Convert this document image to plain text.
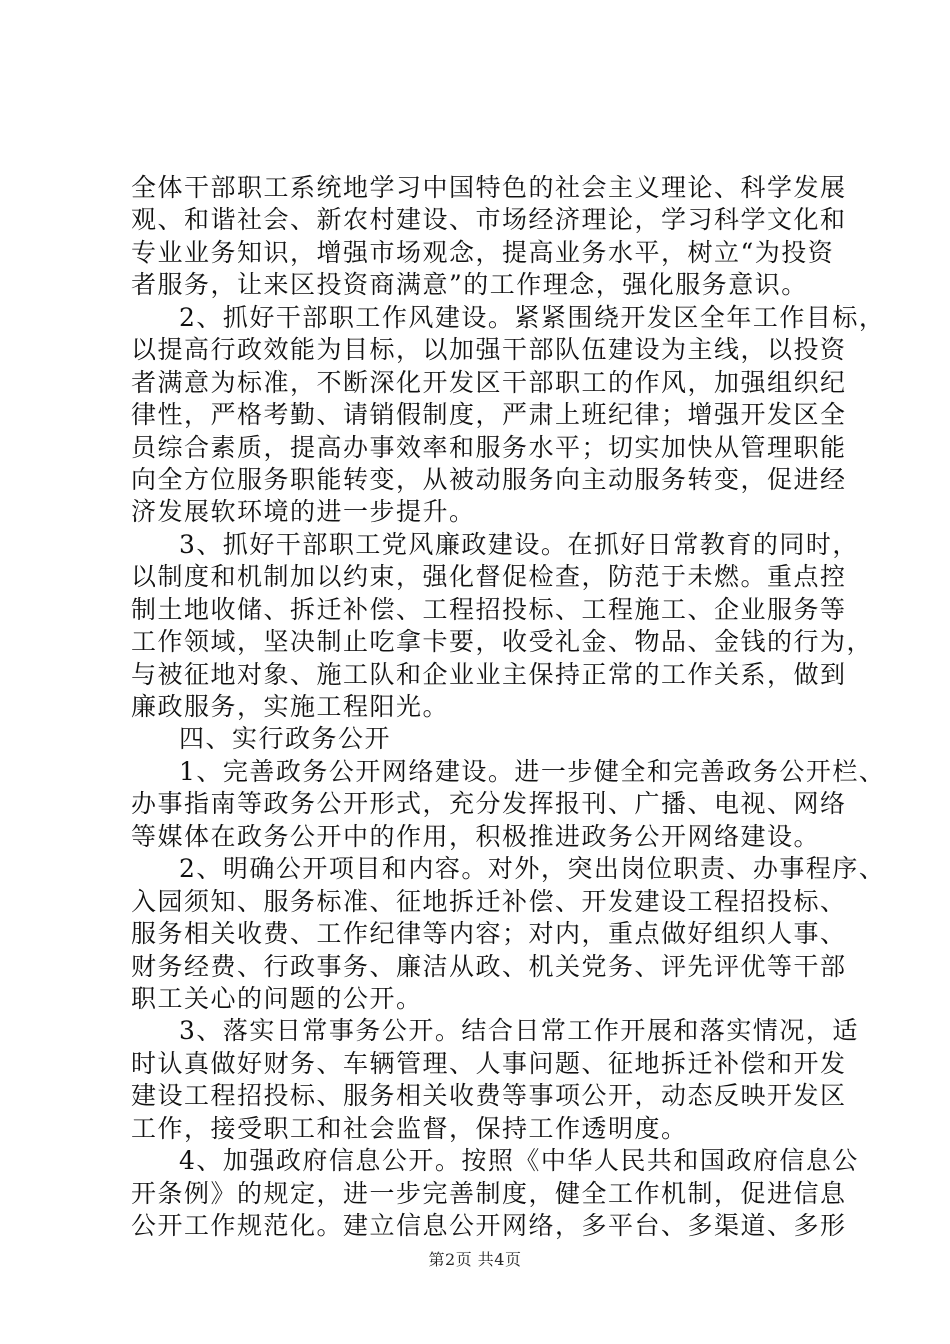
全体干部职工系统地学习中国特色的社会主义理论、科学发展
观、和谐社会、新农村建设、市场经济理论，学习科学文化和
专业业务知识，增强市场观念，提高业务水平，树立“为投资
者服务，让来区投资商满意”的工作理念，强化服务意识。
2、抓好干部职工作风建设。紧紧围绕开发区全年工作目标，
以提高行政效能为目标，以加强干部队伍建设为主线，以投资
者满意为标准，不断深化开发区干部职工的作风，加强组织纪
律性，严格考勤、请销假制度，严肃上班纪律；增强开发区全
员综合素质，提高办事效率和服务水平；切实加快从管理职能
向全方位服务职能转变，从被动服务向主动服务转变，促进经
济发展软环境的进一步提升。
3、抓好干部职工党风廉政建设。在抓好日常教育的同时，
以制度和机制加以约束，强化督促检查，防范于未燃。重点控
制土地收储、拆迁补偿、工程招投标、工程施工、企业服务等
工作领域，坚决制止吃拿卡要，收受礼金、物品、金钱的行为，
与被征地对象、施工队和企业业主保持正常的工作关系，做到
廉政服务，实施工程阳光。
四、实行政务公开
1、完善政务公开网络建设。进一步健全和完善政务公开栏、
办事指南等政务公开形式，充分发挥报刊、广播、电视、网络
等媒体在政务公开中的作用，积极推进政务公开网络建设。
2、明确公开项目和内容。对外，突出岗位职责、办事程序、
入园须知、服务标准、征地拆迁补偿、开发建设工程招投标、
服务相关收费、工作纪律等内容；对内，重点做好组织人事、
财务经费、行政事务、廉洁从政、机关党务、评先评优等干部
职工关心的问题的公开。
3、落实日常事务公开。结合日常工作开展和落实情况，适
时认真做好财务、车辆管理、人事问题、征地拆迁补偿和开发
建设工程招投标、服务相关收费等事项公开，动态反映开发区
工作，接受职工和社会监督，保持工作透明度。
4、加强政府信息公开。按照《中华人民共和国政府信息公
开条例》的规定，进一步完善制度，健全工作机制，促进信息
公开工作规范化。建立信息公开网络，多平台、多渠道、多形
第2页 共4页
